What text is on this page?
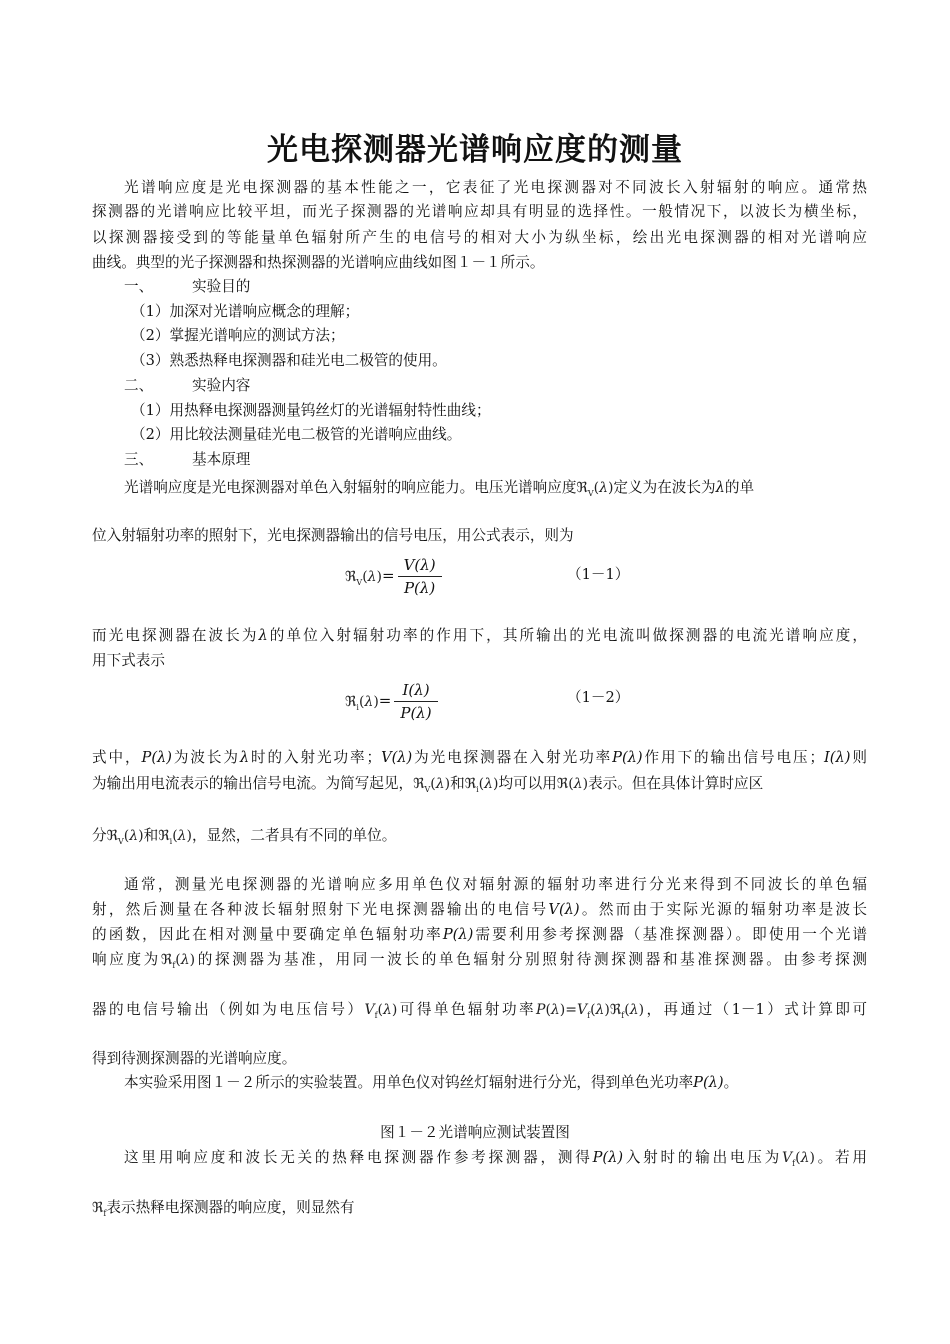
光电探测器光谱响应度的测量
光谱响应度是光电探测器的基本性能之一，它表征了光电探测器对不同波长入射辐射的响应。通常热
探测器的光谱响应比较平坦，而光子探测器的光谱响应却具有明显的选择性。一般情况下，以波长为横坐标，
以探测器接受到的等能量单色辐射所产生的电信号的相对大小为纵坐标，绘出光电探测器的相对光谱响应
曲线。典型的光子探测器和热探测器的光谱响应曲线如图１－１所示。
一、	实验目的
（1）加深对光谱响应概念的理解；
（2）掌握光谱响应的测试方法；
（3）熟悉热释电探测器和硅光电二极管的使用。
二、	实验内容
（1）用热释电探测器测量钨丝灯的光谱辐射特性曲线；
（2）用比较法测量硅光电二极管的光谱响应曲线。
三、	基本原理
光谱响应度是光电探测器对单色入射辐射的响应能力。电压光谱响应度ℜ$_V$(λ)定义为在波长为λ的单
位入射辐射功率的照射下，光电探测器输出的信号电压，用公式表示，则为
ℜ$_V$(λ)= $\frac{V(\lambda)}{P(\lambda)}$	（1－1）
而光电探测器在波长为λ的单位入射辐射功率的作用下，其所输出的光电流叫做探测器的电流光谱响应度，
用下式表示
ℜ$_i$(λ)= $\frac{I(\lambda)}{P(\lambda)}$	（1－2）
式中，P(λ)为波长为λ时的入射光功率；V(λ)为光电探测器在入射光功率P(λ)作用下的输出信号电压；I(λ)则
为输出用电流表示的输出信号电流。为简写起见，ℜ$_V$(λ)和ℜ$_i$(λ)均可以用ℜ(λ)表示。但在具体计算时应区
分ℜ$_V$(λ)和ℜ$_i$(λ)，显然，二者具有不同的单位。
通常，测量光电探测器的光谱响应多用单色仪对辐射源的辐射功率进行分光来得到不同波长的单色辐
射，然后测量在各种波长辐射照射下光电探测器输出的电信号V(λ)。然而由于实际光源的辐射功率是波长
的函数，因此在相对测量中要确定单色辐射功率P(λ)需要利用参考探测器（基准探测器）。即使用一个光谱
响应度为ℜ$_f$(λ)的探测器为基准，用同一波长的单色辐射分别照射待测探测器和基准探测器。由参考探测
器的电信号输出（例如为电压信号）$V_f(\lambda)$可得单色辐射功率$P(\lambda)=V_f(\lambda)ℜ_f(\lambda)$，再通过（1－1）式计算即可
得到待测探测器的光谱响应度。
本实验采用图１－２所示的实验装置。用单色仪对钨丝灯辐射进行分光，得到单色光功率P(λ)。
图１－２光谱响应测试装置图
这里用响应度和波长无关的热释电探测器作参考探测器，测得P(λ)入射时的输出电压为$V_f(\lambda)$。若用
ℜ$_f$表示热释电探测器的响应度，则显然有
